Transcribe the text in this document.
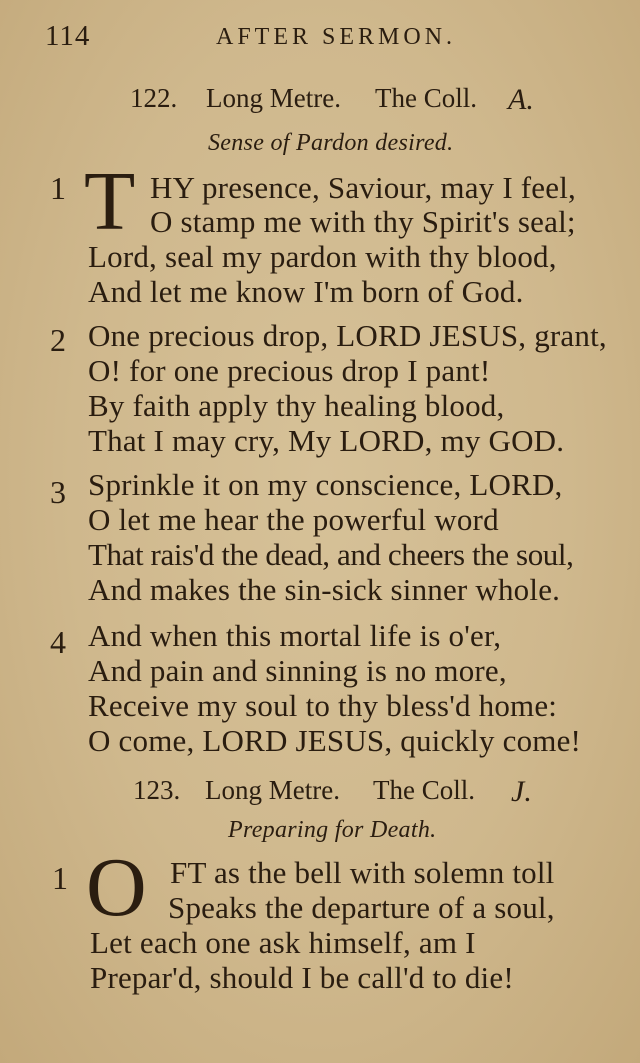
114	AFTER SERMON.
122. Long Metre. The Coll. A.
Sense of Pardon desired.
1 T HY presence, Saviour, may I feel,
O stamp me with thy Spirit's seal;
Lord, seal my pardon with thy blood,
And let me know I'm born of God.
2 One precious drop, LORD JESUS, grant,
O! for one precious drop I pant!
By faith apply thy healing blood,
That I may cry, My LORD, my GOD.
3 Sprinkle it on my conscience, LORD,
O let me hear the powerful word
That rais'd the dead, and cheers the soul,
And makes the sin-sick sinner whole.
4 And when this mortal life is o'er,
And pain and sinning is no more,
Receive my soul to thy bless'd home:
O come, LORD JESUS, quickly come!
123. Long Metre. The Coll. J.
Preparing for Death.
1 O FT as the bell with solemn toll
Speaks the departure of a soul,
Let each one ask himself, am I
Prepar'd, should I be call'd to die!
